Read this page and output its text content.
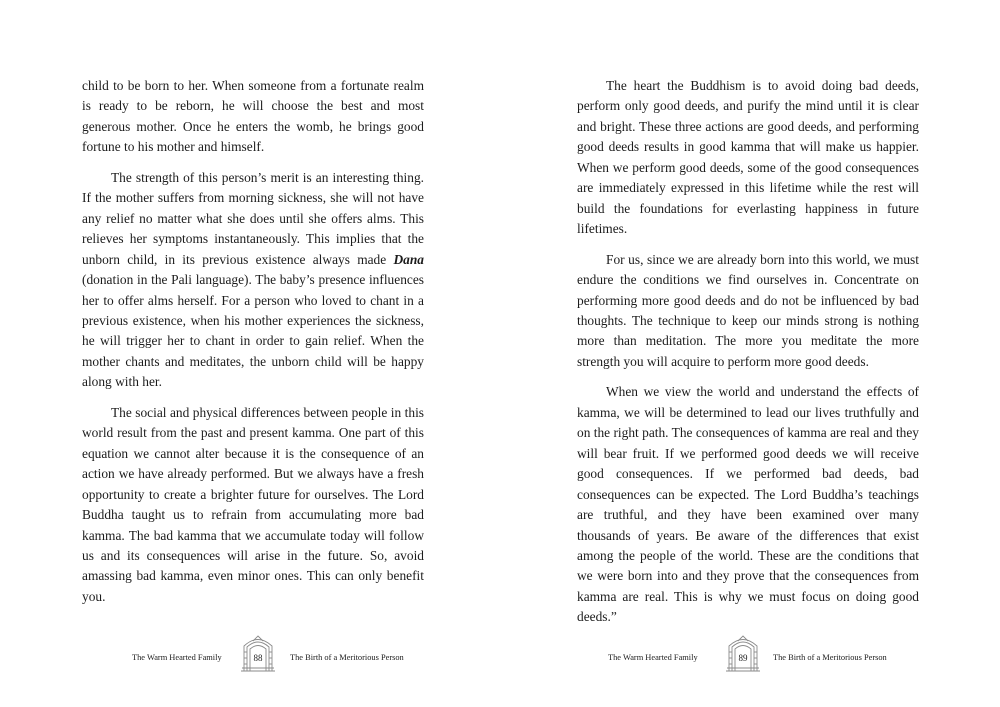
child to be born to her. When someone from a fortunate realm is ready to be reborn, he will choose the best and most generous mother. Once he enters the womb, he brings good fortune to his mother and himself.

The strength of this person’s merit is an interesting thing. If the mother suffers from morning sickness, she will not have any relief no matter what she does until she offers alms. This relieves her symptoms instantaneously. This implies that the unborn child, in its previous existence always made Dana (donation in the Pali language). The baby’s presence influences her to offer alms herself. For a person who loved to chant in a previous existence, when his mother experiences the sickness, he will trigger her to chant in order to gain relief. When the mother chants and meditates, the unborn child will be happy along with her.

The social and physical differences between people in this world result from the past and present kamma. One part of this equation we cannot alter because it is the consequence of an action we have already performed. But we always have a fresh opportunity to create a brighter future for ourselves. The Lord Buddha taught us to refrain from accumulating more bad kamma. The bad kamma that we accumulate today will follow us and its consequences will arise in the future. So, avoid amassing bad kamma, even minor ones. This can only benefit you.

The Warm Hearted Family	88	The Birth of a Meritorious Person

The heart the Buddhism is to avoid doing bad deeds, perform only good deeds, and purify the mind until it is clear and bright. These three actions are good deeds, and performing good deeds results in good kamma that will make us happier. When we perform good deeds, some of the good consequences are immediately expressed in this lifetime while the rest will build the foundations for everlasting happiness in future lifetimes.

For us, since we are already born into this world, we must endure the conditions we find ourselves in. Concentrate on performing more good deeds and do not be influenced by bad thoughts. The technique to keep our minds strong is nothing more than meditation. The more you meditate the more strength you will acquire to perform more good deeds.

When we view the world and understand the effects of kamma, we will be determined to lead our lives truthfully and on the right path. The consequences of kamma are real and they will bear fruit. If we performed good deeds we will receive good consequences. If we performed bad deeds, bad consequences can be expected. The Lord Buddha’s teachings are truthful, and they have been examined over many thousands of years. Be aware of the differences that exist among the people of the world. These are the conditions that we were born into and they prove that the consequences from kamma are real. This is why we must focus on doing good deeds.”

The Warm Hearted Family	89	The Birth of a Meritorious Person
